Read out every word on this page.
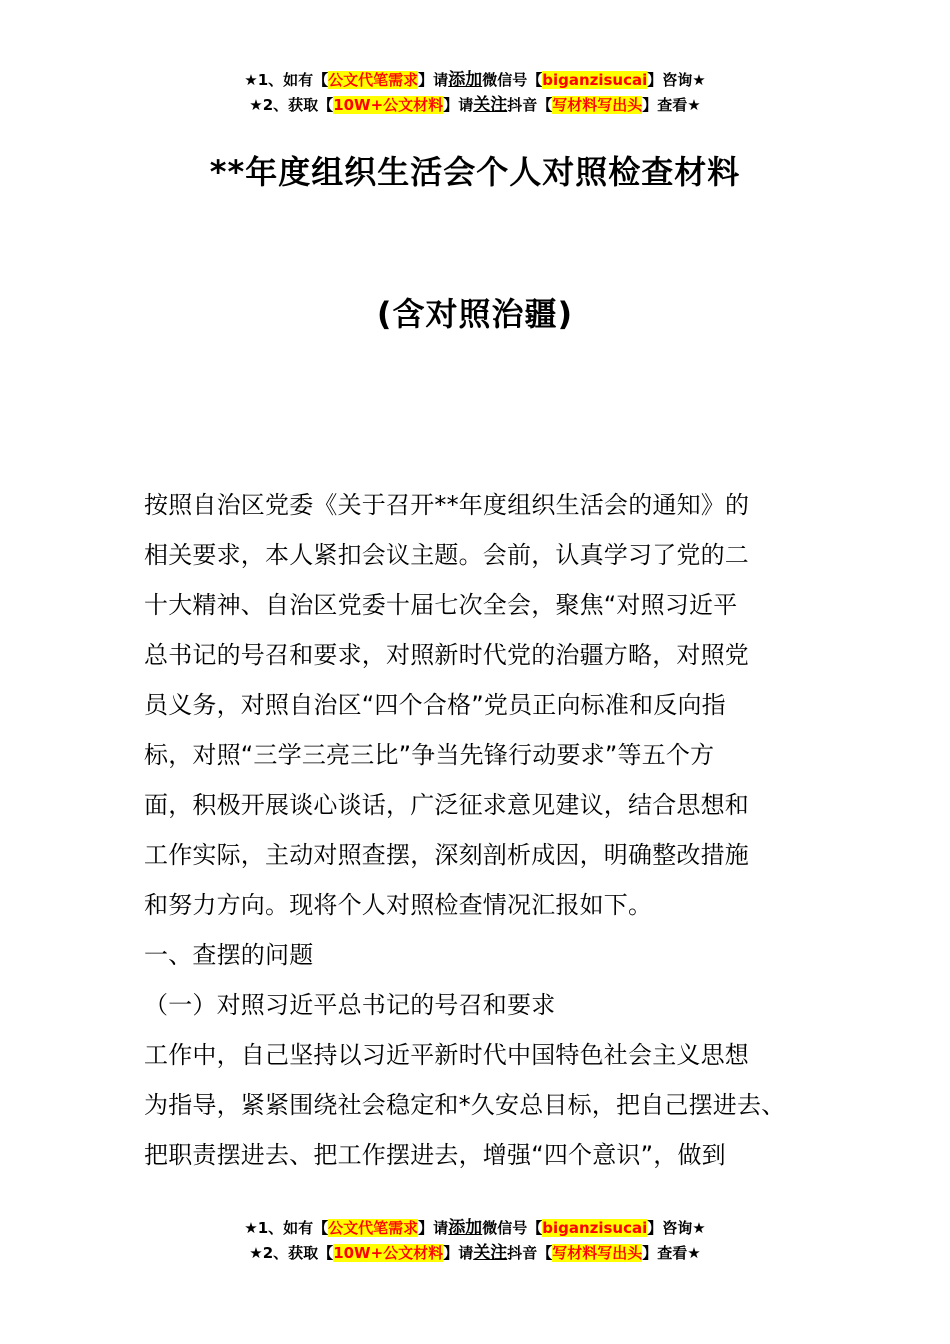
★1、如有【公文代笔需求】请添加微信号【biganzisucai】咨询★
★2、获取【10W+公文材料】请关注抖音【写材料写出头】查看★
**年度组织生活会个人对照检查材料
(含对照治疆)

按照自治区党委《关于召开**年度组织生活会的通知》的

相关要求，本人紧扣会议主题。会前，认真学习了党的二

十大精神、自治区党委十届七次全会，聚焦“对照习近平

总书记的号召和要求，对照新时代党的治疆方略，对照党

员义务，对照自治区“四个合格”党员正向标准和反向指

标，对照“三学三亮三比”争当先锋行动要求”等五个方

面，积极开展谈心谈话，广泛征求意见建议，结合思想和

工作实际，主动对照查摆，深刻剖析成因，明确整改措施

和努力方向。现将个人对照检查情况汇报如下。

一、查摆的问题

（一）对照习近平总书记的号召和要求

工作中，自己坚持以习近平新时代中国特色社会主义思想

为指导，紧紧围绕社会稳定和*久安总目标，把自己摆进去、

把职责摆进去、把工作摆进去，增强“四个意识”，做到

★1、如有【公文代笔需求】请添加微信号【biganzisucai】咨询★
★2、获取【10W+公文材料】请关注抖音【写材料写出头】查看★
